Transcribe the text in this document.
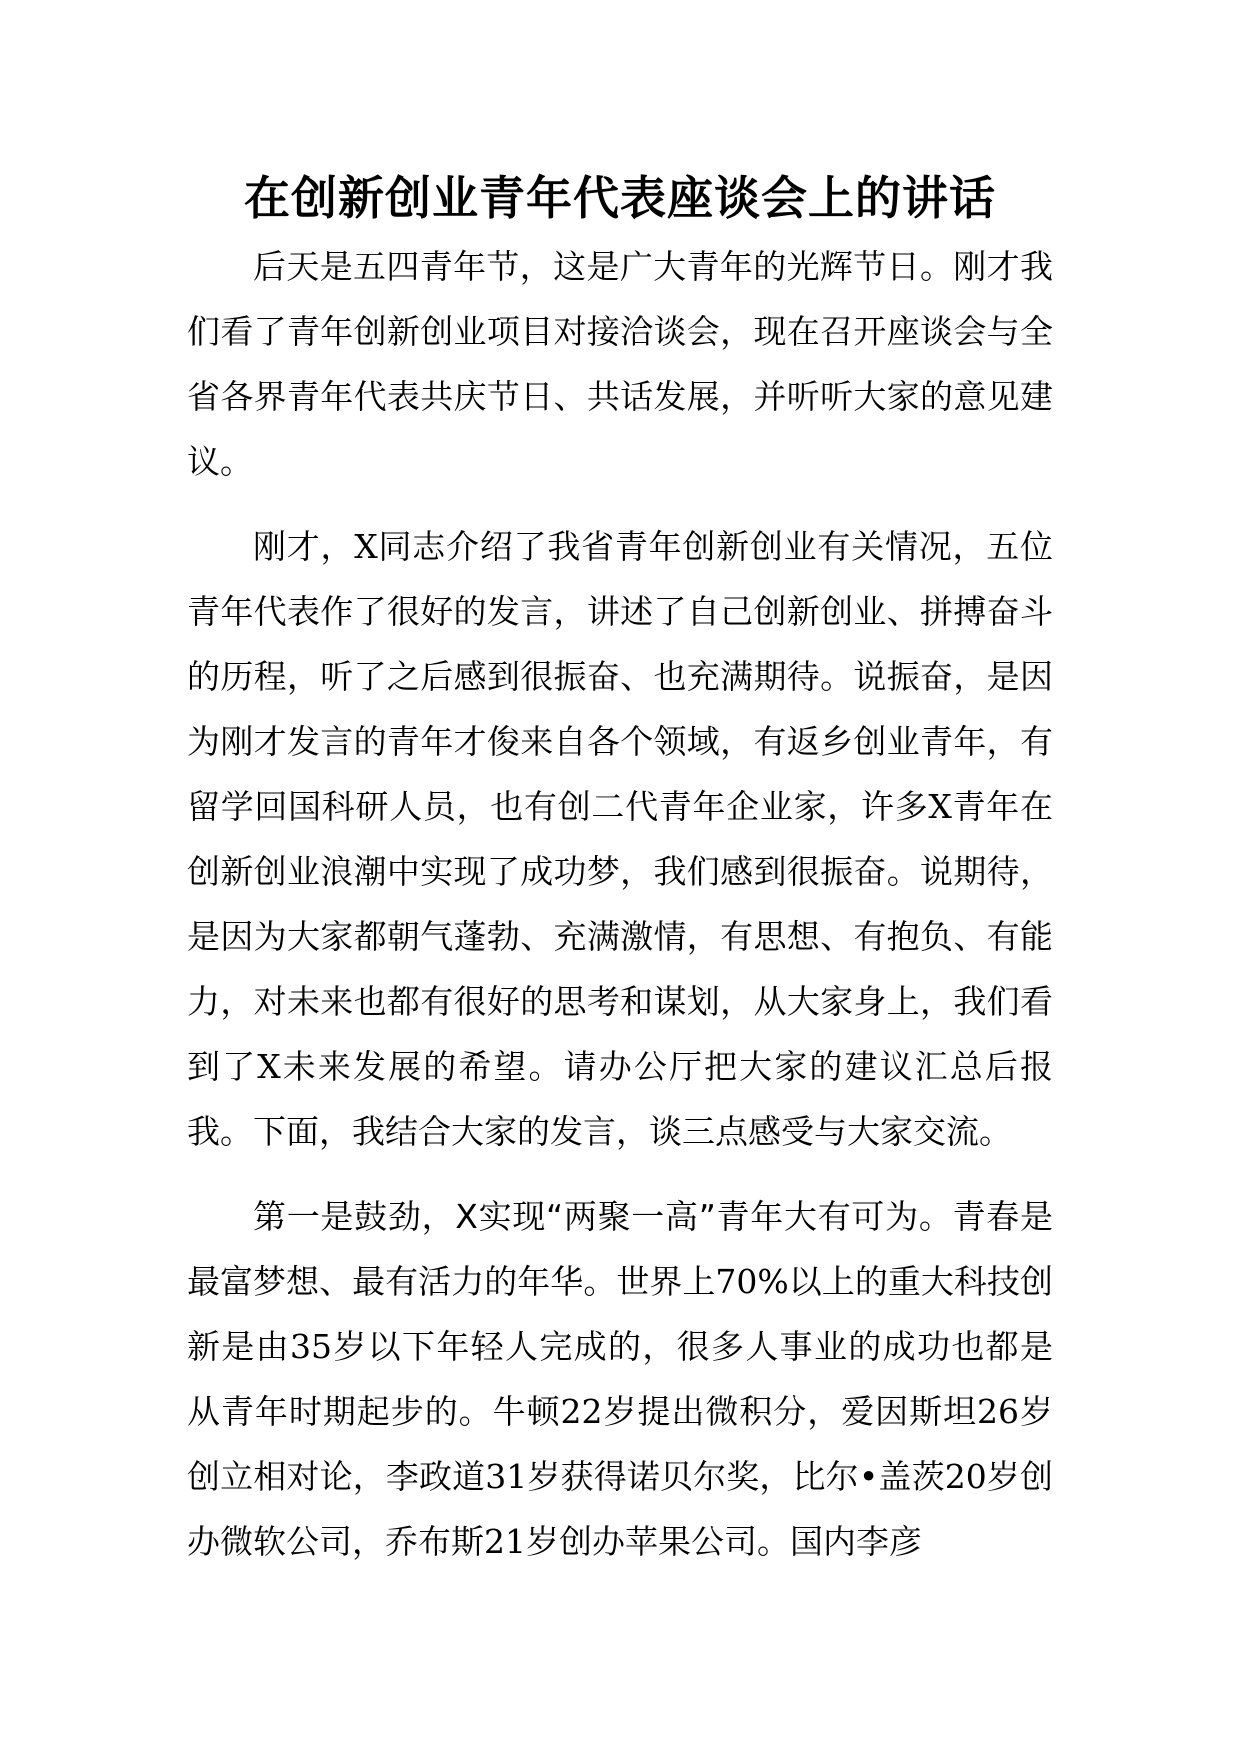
在创新创业青年代表座谈会上的讲话

后天是五四青年节，这是广大青年的光辉节日。刚才我们看了青年创新创业项目对接洽谈会，现在召开座谈会与全省各界青年代表共庆节日、共话发展，并听听大家的意见建议。

刚才，X同志介绍了我省青年创新创业有关情况，五位青年代表作了很好的发言，讲述了自己创新创业、拼搏奋斗的历程，听了之后感到很振奋、也充满期待。说振奋，是因为刚才发言的青年才俊来自各个领域，有返乡创业青年，有留学回国科研人员，也有创二代青年企业家，许多X青年在创新创业浪潮中实现了成功梦，我们感到很振奋。说期待，是因为大家都朝气蓬勃、充满激情，有思想、有抱负、有能力，对未来也都有很好的思考和谋划，从大家身上，我们看到了X未来发展的希望。请办公厅把大家的建议汇总后报我。下面，我结合大家的发言，谈三点感受与大家交流。

第一是鼓劲，X实现“两聚一高”青年大有可为。青春是最富梦想、最有活力的年华。世界上70%以上的重大科技创新是由35岁以下年轻人完成的，很多人事业的成功也都是从青年时期起步的。牛顿22岁提出微积分，爱因斯坦26岁创立相对论，李政道31岁获得诺贝尔奖，比尔•盖茨20岁创办微软公司，乔布斯21岁创办苹果公司。国内李彦
